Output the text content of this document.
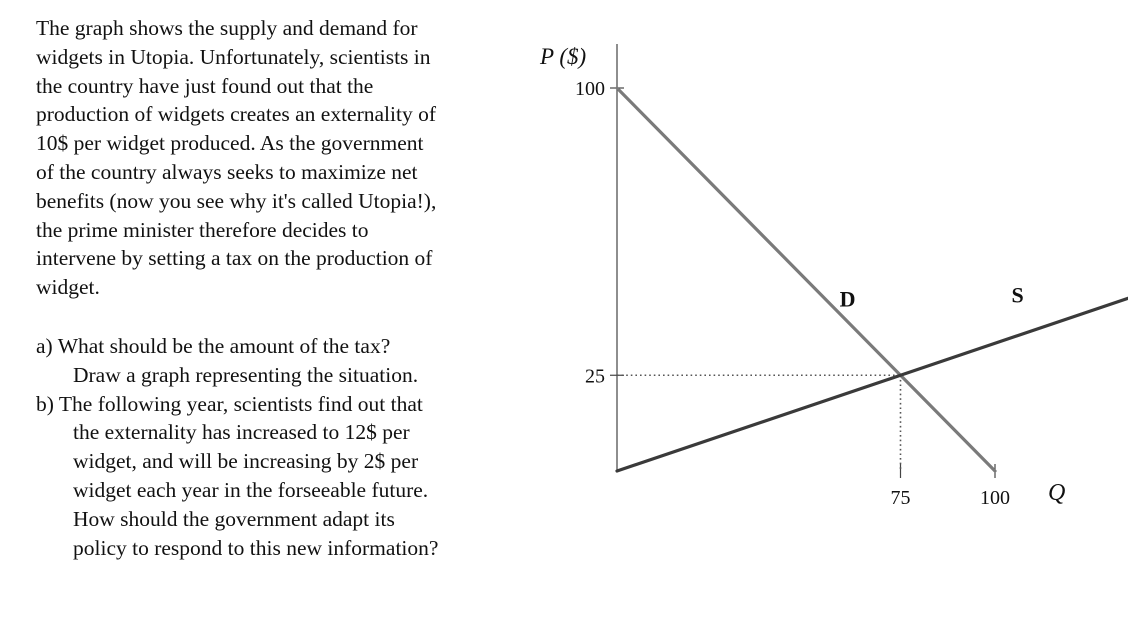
The graph shows the supply and demand for
widgets in Utopia. Unfortunately, scientists in
the country have just found out that the
production of widgets creates an externality of
10$ per widget produced. As the government
of the country always seeks to maximize net
benefits (now you see why it's called Utopia!),
the prime minister therefore decides to
intervene by setting a tax on the production of
widget.

a) What should be the amount of the tax?
Draw a graph representing the situation.
b) The following year, scientists find out that
the externality has increased to 12$ per
widget, and will be increasing by 2$ per
widget each year in the forseeable future.
How should the government adapt its
policy to respond to this new information?
P ($)
Q
100
25
75	100
D	S
